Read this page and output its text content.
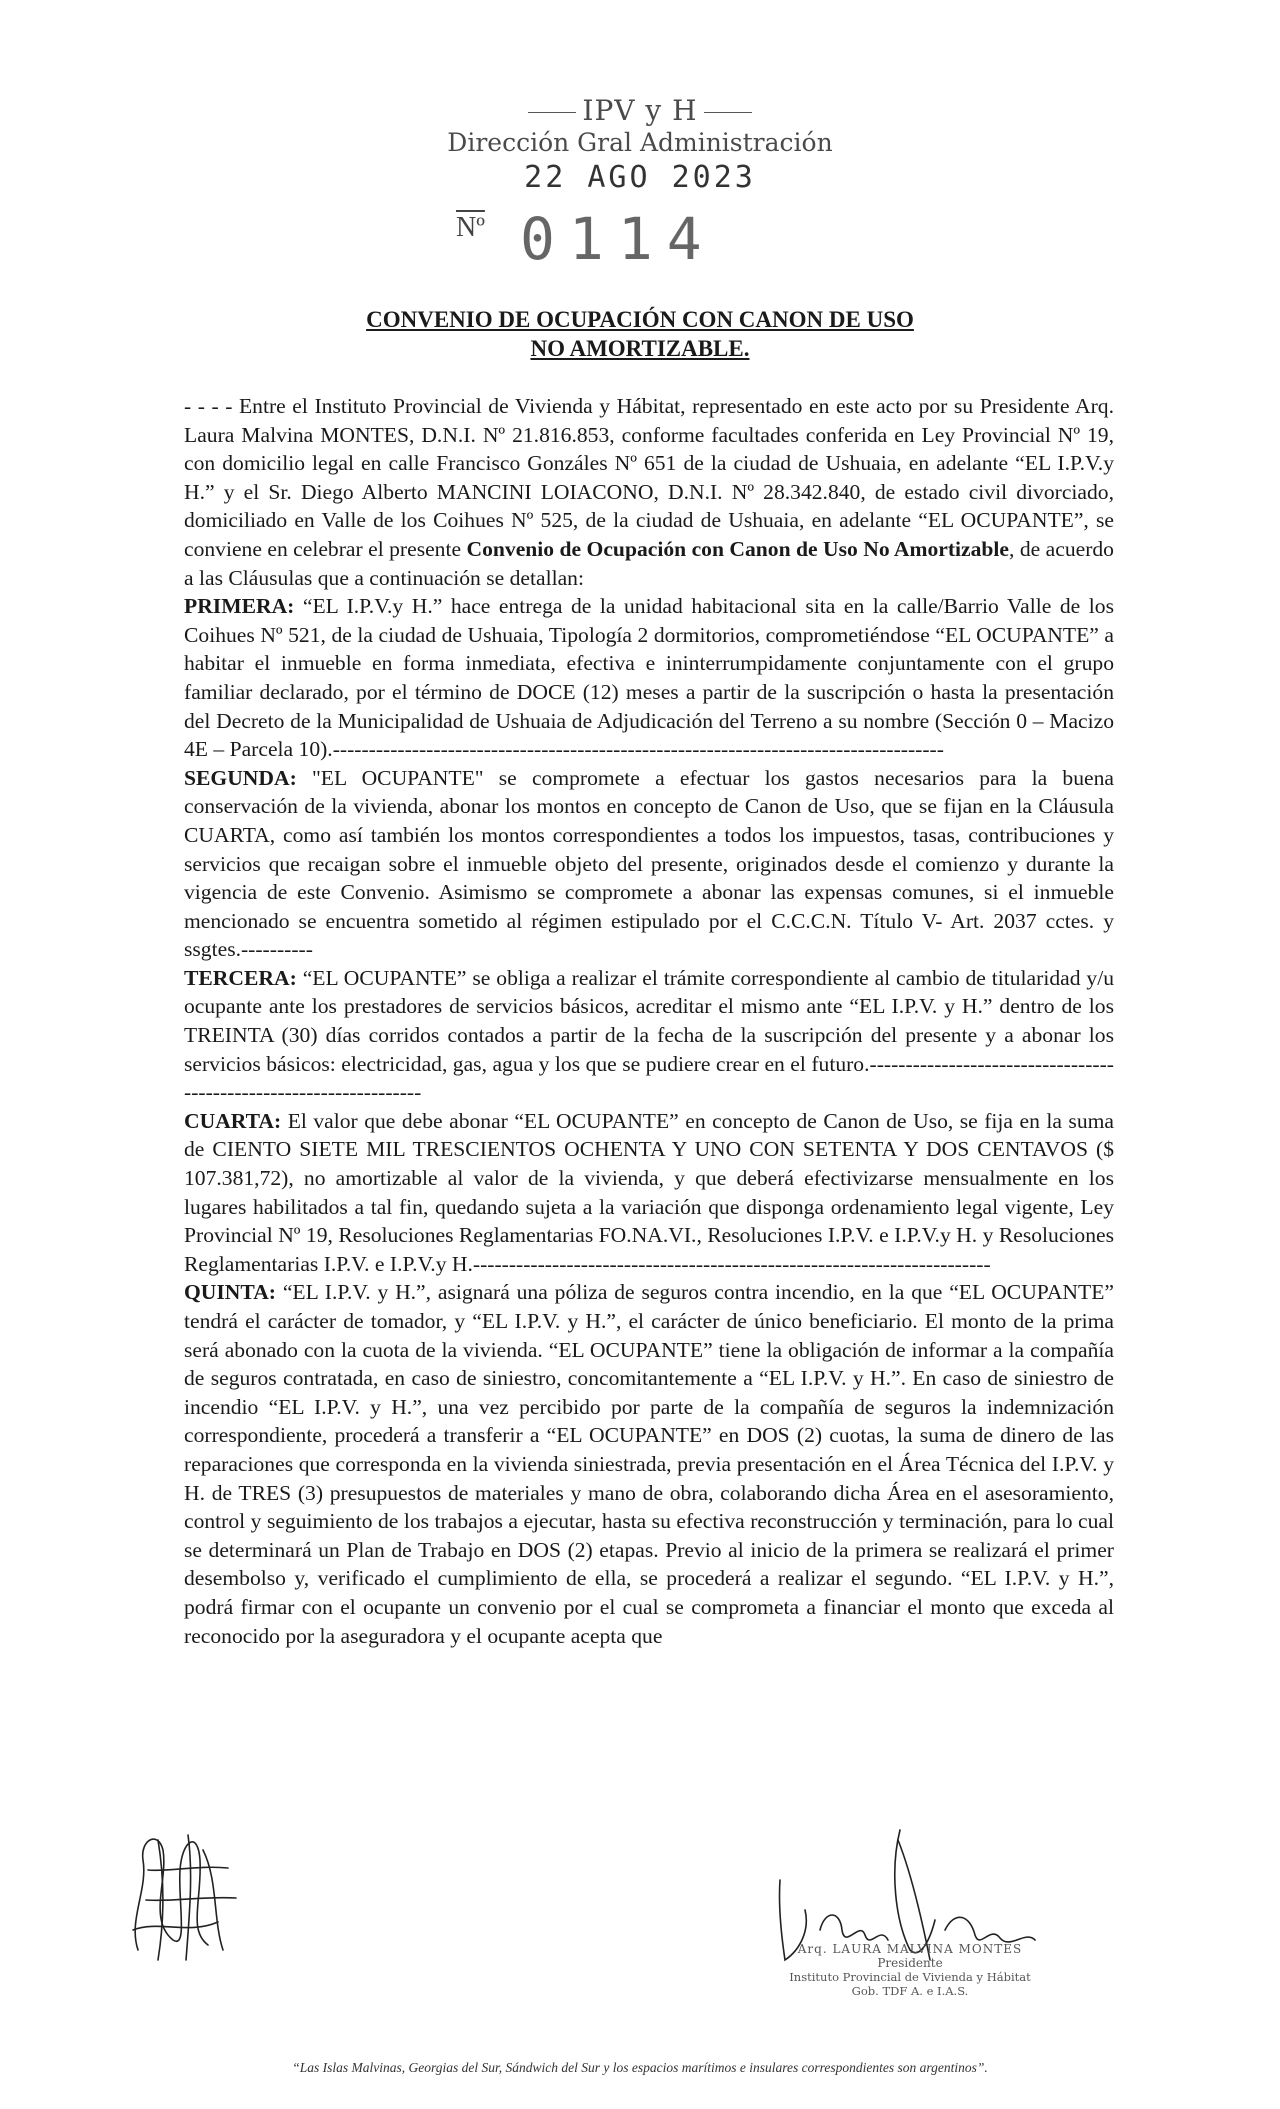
IPV y H
Dirección Gral Administración
22 AGO 2023
$\overline{Nº}$ 0114
CONVENIO DE OCUPACIÓN CON CANON DE USO
NO AMORTIZABLE.

- - - - Entre el Instituto Provincial de Vivienda y Hábitat, representado en este acto por su Presidente Arq. Laura Malvina MONTES, D.N.I. Nº 21.816.853, conforme facultades conferida en Ley Provincial Nº 19, con domicilio legal en calle Francisco Gonzáles Nº 651 de la ciudad de Ushuaia, en adelante “EL I.P.V.y H.” y el Sr. Diego Alberto MANCINI LOIACONO, D.N.I. Nº 28.342.840, de estado civil divorciado, domiciliado en Valle de los Coihues Nº 525, de la ciudad de Ushuaia, en adelante “EL OCUPANTE”, se conviene en celebrar el presente Convenio de Ocupación con Canon de Uso No Amortizable, de acuerdo a las Cláusulas que a continuación se detallan:

PRIMERA: “EL I.P.V.y H.” hace entrega de la unidad habitacional sita en la calle/Barrio Valle de los Coihues Nº 521, de la ciudad de Ushuaia, Tipología 2 dormitorios, comprometiéndose “EL OCUPANTE” a habitar el inmueble en forma inmediata, efectiva e ininterrumpidamente conjuntamente con el grupo familiar declarado, por el término de DOCE (12) meses a partir de la suscripción o hasta la presentación del Decreto de la Municipalidad de Ushuaia de Adjudicación del Terreno a su nombre (Sección 0 – Macizo 4E – Parcela 10).-------------------------------------------------------------------------------------

SEGUNDA: "EL OCUPANTE" se compromete a efectuar los gastos necesarios para la buena conservación de la vivienda, abonar los montos en concepto de Canon de Uso, que se fijan en la Cláusula CUARTA, como así también los montos correspondientes a todos los impuestos, tasas, contribuciones y servicios que recaigan sobre el inmueble objeto del presente, originados desde el comienzo y durante la vigencia de este Convenio. Asimismo se compromete a abonar las expensas comunes, si el inmueble mencionado se encuentra sometido al régimen estipulado por el C.C.C.N. Título V- Art. 2037 cctes. y ssgtes.----------

TERCERA: “EL OCUPANTE” se obliga a realizar el trámite correspondiente al cambio de titularidad y/u ocupante ante los prestadores de servicios básicos, acreditar el mismo ante “EL I.P.V. y H.” dentro de los TREINTA (30) días corridos contados a partir de la fecha de la suscripción del presente y a abonar los servicios básicos: electricidad, gas, agua y los que se pudiere crear en el futuro.-------------------------------------------------------------------

CUARTA: El valor que debe abonar “EL OCUPANTE” en concepto de Canon de Uso, se fija en la suma de CIENTO SIETE MIL TRESCIENTOS OCHENTA Y UNO CON SETENTA Y DOS CENTAVOS ($ 107.381,72), no amortizable al valor de la vivienda, y que deberá efectivizarse mensualmente en los lugares habilitados a tal fin, quedando sujeta a la variación que disponga ordenamiento legal vigente, Ley Provincial Nº 19, Resoluciones Reglamentarias FO.NA.VI., Resoluciones I.P.V. e I.P.V.y H. y Resoluciones Reglamentarias I.P.V. e I.P.V.y H.------------------------------------------------------------------------

QUINTA: “EL I.P.V. y H.”, asignará una póliza de seguros contra incendio, en la que “EL OCUPANTE” tendrá el carácter de tomador, y “EL I.P.V. y H.”, el carácter de único beneficiario. El monto de la prima será abonado con la cuota de la vivienda. “EL OCUPANTE” tiene la obligación de informar a la compañía de seguros contratada, en caso de siniestro, concomitantemente a “EL I.P.V. y H.”. En caso de siniestro de incendio “EL I.P.V. y H.”, una vez percibido por parte de la compañía de seguros la indemnización correspondiente, procederá a transferir a “EL OCUPANTE” en DOS (2) cuotas, la suma de dinero de las reparaciones que corresponda en la vivienda siniestrada, previa presentación en el Área Técnica del I.P.V. y H. de TRES (3) presupuestos de materiales y mano de obra, colaborando dicha Área en el asesoramiento, control y seguimiento de los trabajos a ejecutar, hasta su efectiva reconstrucción y terminación, para lo cual se determinará un Plan de Trabajo en DOS (2) etapas. Previo al inicio de la primera se realizará el primer desembolso y, verificado el cumplimiento de ella, se procederá a realizar el segundo. “EL I.P.V. y H.”, podrá firmar con el ocupante un convenio por el cual se comprometa a financiar el monto que exceda al reconocido por la aseguradora y el ocupante acepta que

Arq. LAURA MALVINA MONTES
Presidente
Instituto Provincial de Vivienda y Hábitat
Gob. TDF A. e I.A.S.
“Las Islas Malvinas, Georgias del Sur, Sándwich del Sur y los espacios marítimos e insulares correspondientes son argentinos”.
